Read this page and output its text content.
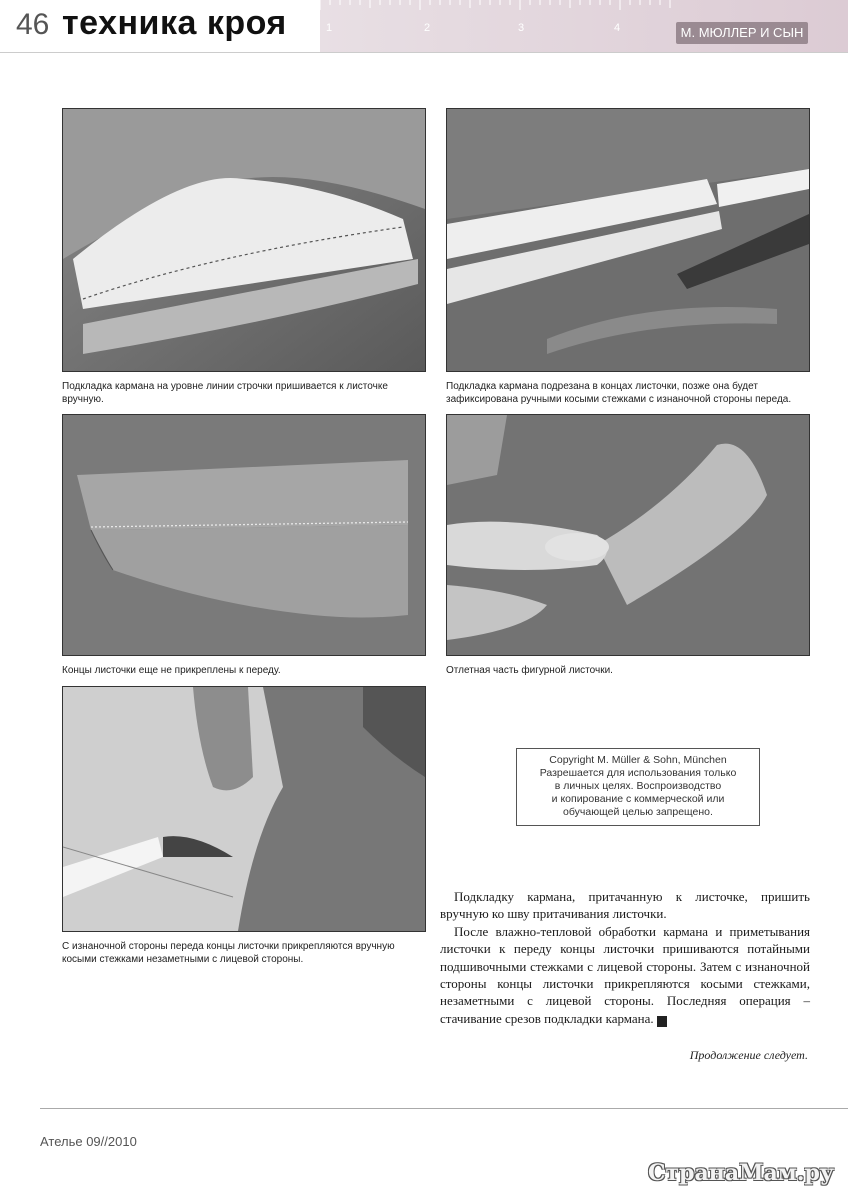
1	2	3	4
46 техника кроя	М. МЮЛЛЕР И СЫН
Подкладка кармана на уровне линии строчки пришивается к листочке вручную.
Подкладка кармана подрезана в концах листочки, позже она будет зафиксирована ручными косыми стежками с изнаночной стороны переда.
Концы листочки еще не прикреплены к переду.	Отлетная часть фигурной листочки.
С изнаночной стороны переда концы листочки прикрепляются вручную косыми стежками незаметными с лицевой стороны.
Copyright M. Müller & Sohn, München
Разрешается для использования только
в личных целях. Воспроизводство
и копирование с коммерческой или
обучающей целью запрещено.

Подкладку кармана, притачанную к листочке, пришить вручную ко шву притачивания листочки.

После влажно-тепловой обработки кармана и приметывания листочки к переду концы листочки пришиваются потайными подшивочными стежками с лицевой стороны. Затем с изнаночной стороны концы листочки прикрепляются косыми стежками, незаметными с лицевой стороны. Последняя операция – стачивание срезов подкладки кармана. A

Продолжение следует.
Ателье 09//2010
СтранаМам.ру
